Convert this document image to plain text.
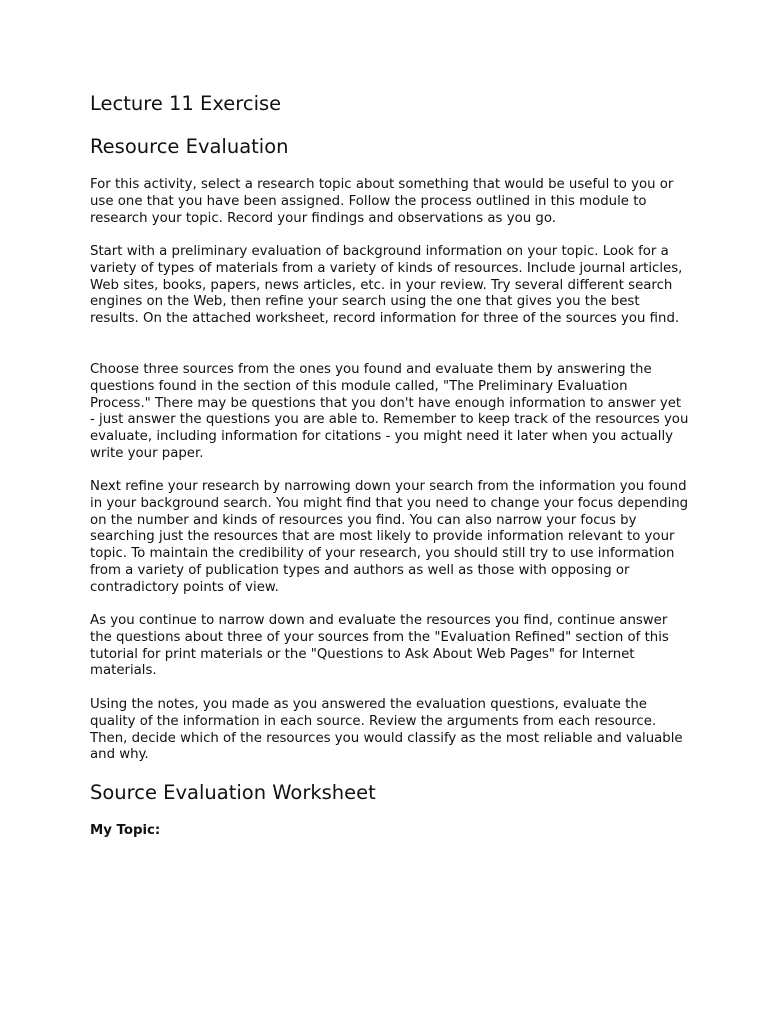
Lecture 11 Exercise
Resource Evaluation

For this activity, select a research topic about something that would be useful to you or use one that you have been assigned. Follow the process outlined in this module to research your topic. Record your findings and observations as you go.

Start with a preliminary evaluation of background information on your topic. Look for a variety of types of materials from a variety of kinds of resources. Include journal articles, Web sites, books, papers, news articles, etc. in your review. Try several different search engines on the Web, then refine your search using the one that gives you the best results. On the attached worksheet, record information for three of the sources you find.

Choose three sources from the ones you found and evaluate them by answering the questions found in the section of this module called, "The Preliminary Evaluation Process." There may be questions that you don't have enough information to answer yet - just answer the questions you are able to. Remember to keep track of the resources you evaluate, including information for citations - you might need it later when you actually write your paper.

Next refine your research by narrowing down your search from the information you found in your background search. You might find that you need to change your focus depending on the number and kinds of resources you find. You can also narrow your focus by searching just the resources that are most likely to provide information relevant to your topic. To maintain the credibility of your research, you should still try to use information from a variety of publication types and authors as well as those with opposing or contradictory points of view.

As you continue to narrow down and evaluate the resources you find, continue answer the questions about three of your sources from the "Evaluation Refined" section of this tutorial for print materials or the "Questions to Ask About Web Pages" for Internet materials.

Using the notes, you made as you answered the evaluation questions, evaluate the quality of the information in each source. Review the arguments from each resource. Then, decide which of the resources you would classify as the most reliable and valuable and why.

Source Evaluation Worksheet

My Topic:
